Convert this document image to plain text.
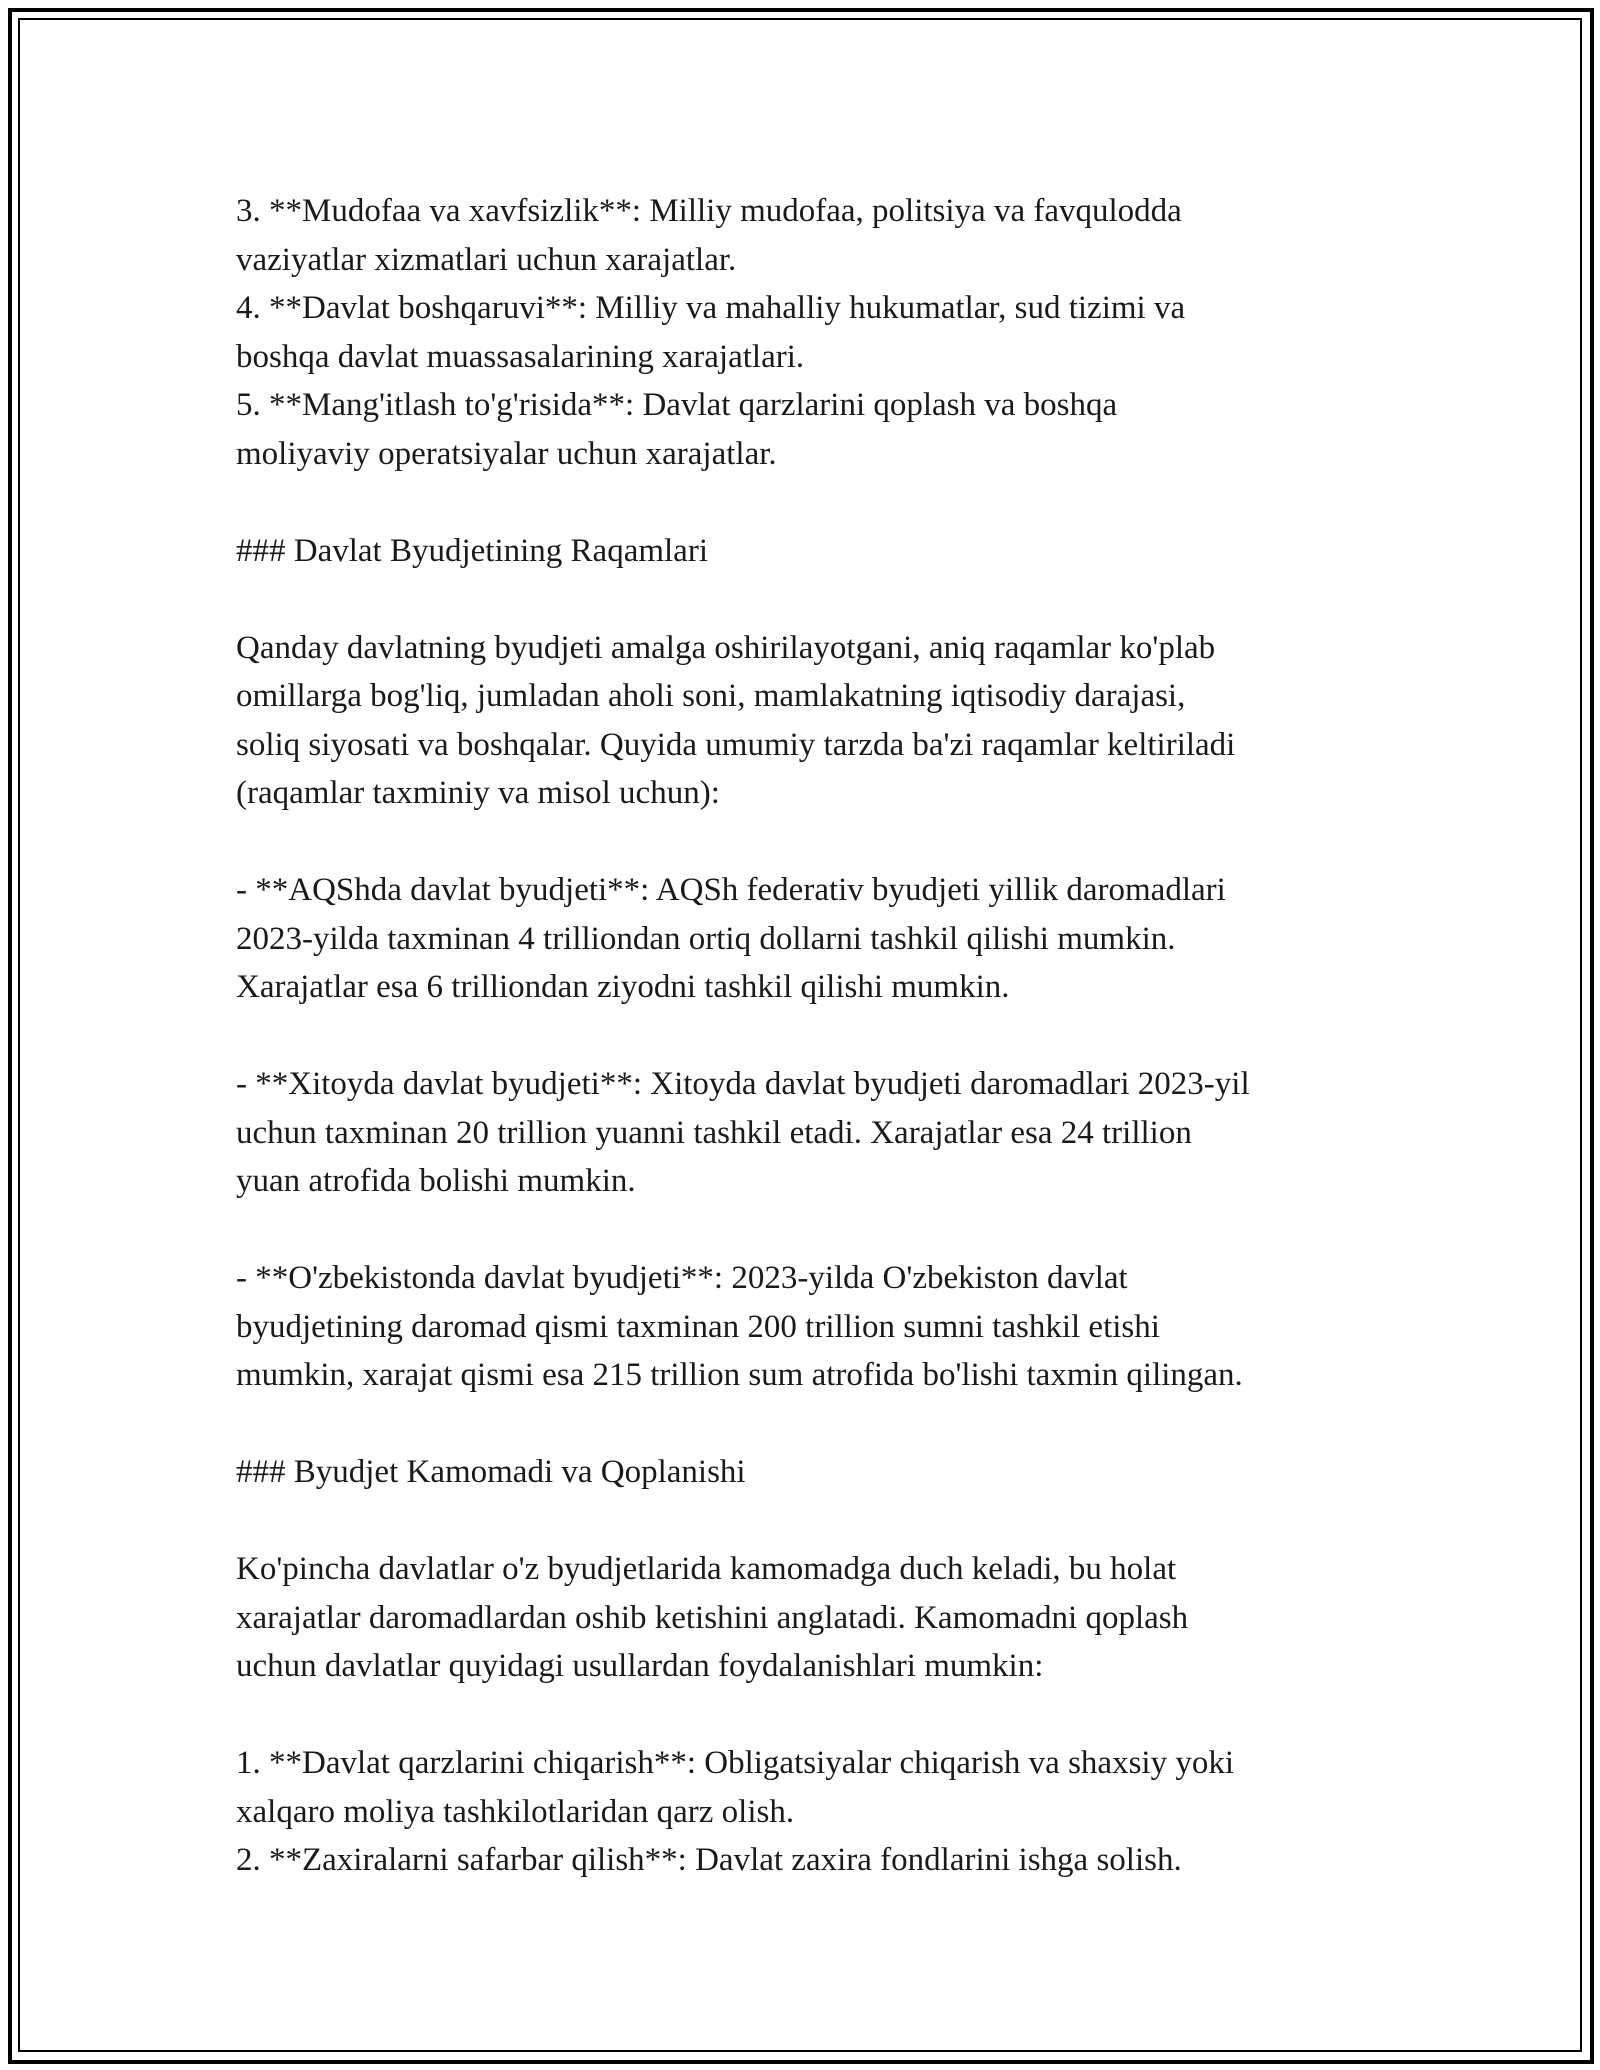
3. **Mudofaa va xavfsizlik**: Milliy mudofaa, politsiya va favqulodda
vaziyatlar xizmatlari uchun xarajatlar.
4. **Davlat boshqaruvi**: Milliy va mahalliy hukumatlar, sud tizimi va
boshqa davlat muassasalarining xarajatlari.
5. **Mang'itlash to'g'risida**: Davlat qarzlarini qoplash va boshqa
moliyaviy operatsiyalar uchun xarajatlar.
### Davlat Byudjetining Raqamlari
Qanday davlatning byudjeti amalga oshirilayotgani, aniq raqamlar ko'plab
omillarga bog'liq, jumladan aholi soni, mamlakatning iqtisodiy darajasi,
soliq siyosati va boshqalar. Quyida umumiy tarzda ba'zi raqamlar keltiriladi
(raqamlar taxminiy va misol uchun):
- **AQShda davlat byudjeti**: AQSh federativ byudjeti yillik daromadlari
2023-yilda taxminan 4 trilliondan ortiq dollarni tashkil qilishi mumkin.
Xarajatlar esa 6 trilliondan ziyodni tashkil qilishi mumkin.
- **Xitoyda davlat byudjeti**: Xitoyda davlat byudjeti daromadlari 2023-yil
uchun taxminan 20 trillion yuanni tashkil etadi. Xarajatlar esa 24 trillion
yuan atrofida bolishi mumkin.
- **O'zbekistonda davlat byudjeti**: 2023-yilda O'zbekiston davlat
byudjetining daromad qismi taxminan 200 trillion sumni tashkil etishi
mumkin, xarajat qismi esa 215 trillion sum atrofida bo'lishi taxmin qilingan.
### Byudjet Kamomadi va Qoplanishi
Ko'pincha davlatlar o'z byudjetlarida kamomadga duch keladi, bu holat
xarajatlar daromadlardan oshib ketishini anglatadi. Kamomadni qoplash
uchun davlatlar quyidagi usullardan foydalanishlari mumkin:
1. **Davlat qarzlarini chiqarish**: Obligatsiyalar chiqarish va shaxsiy yoki
xalqaro moliya tashkilotlaridan qarz olish.
2. **Zaxiralarni safarbar qilish**: Davlat zaxira fondlarini ishga solish.
